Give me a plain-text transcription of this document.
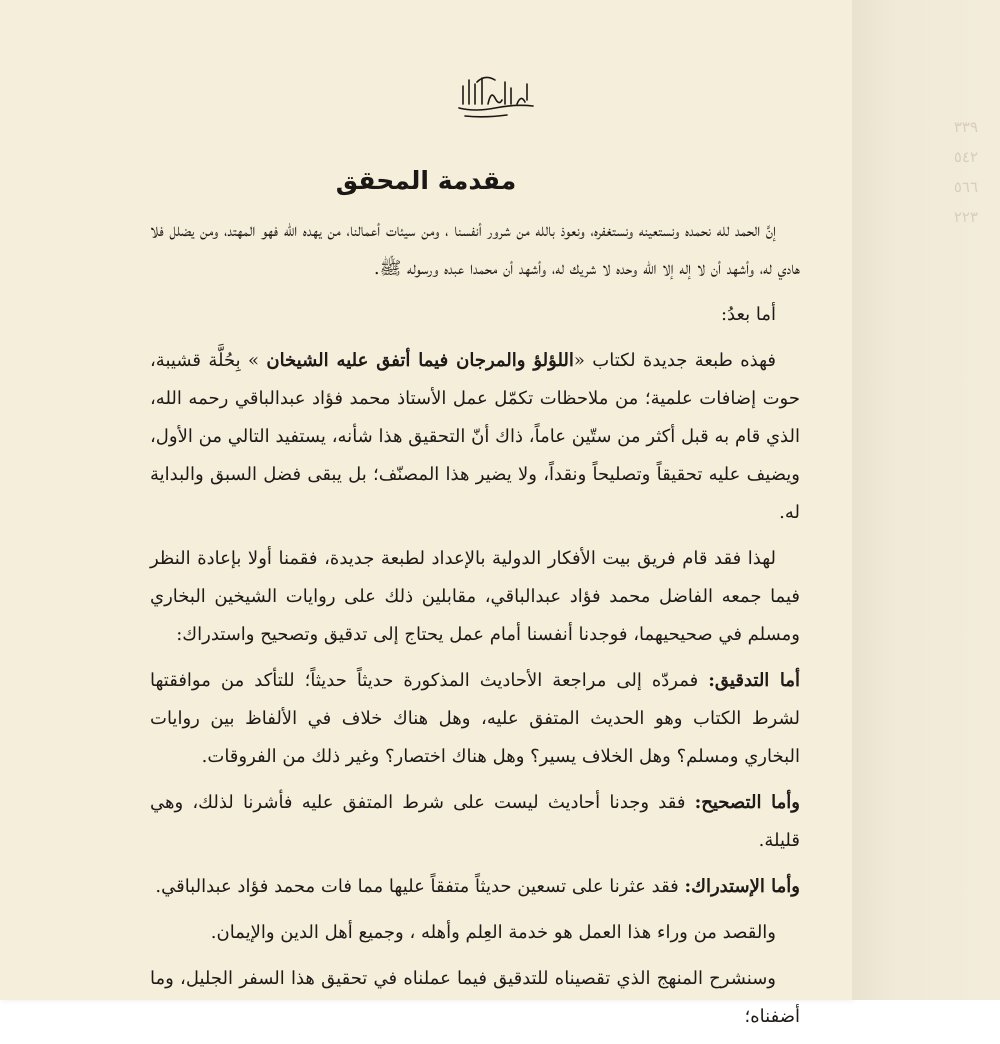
مقدمة المحقق

إنَّ الحمد لله نحمده ونستعينه ونستغفره، ونعوذ بالله من شرور أنفسنا ، ومن سيئات أعمالنا، من يهده الله فهو المهتد، ومن يضلل فلا هادي له، وأشهد أن لا إله إلا الله وحده لا شريك له، وأشهد أن محمدا عبده ورسوله ﷺ.

أما بعدُ:

فهذه طبعة جديدة لكتاب «اللؤلؤ والمرجان فيما أتفق عليه الشيخان » بِحُلَّة قشيبة، حوت إضافات علمية؛ من ملاحظات تكمّل عمل الأستاذ محمد فؤاد عبدالباقي رحمه الله، الذي قام به قبل أكثر من ستّين عاماً، ذاك أنّ التحقيق هذا شأنه، يستفيد التالي من الأول، ويضيف عليه تحقيقاً وتصليحاً ونقداً، ولا يضير هذا المصنّف؛ بل يبقى فضل السبق والبداية له.

لهذا فقد قام فريق بيت الأفكار الدولية بالإعداد لطبعة جديدة، فقمنا أولا بإعادة النظر فيما جمعه الفاضل محمد فؤاد عبدالباقي، مقابلين ذلك على روايات الشيخين البخاري ومسلم في صحيحيهما، فوجدنا أنفسنا أمام عمل يحتاج إلى تدقيق وتصحيح واستدراك:

أما التدقيق: فمردّه إلى مراجعة الأحاديث المذكورة حديثاً حديثاً؛ للتأكد من موافقتها لشرط الكتاب وهو الحديث المتفق عليه، وهل هناك خلاف في الألفاظ بين روايات البخاري ومسلم؟ وهل الخلاف يسير؟ وهل هناك اختصار؟ وغير ذلك من الفروقات.

وأما التصحيح: فقد وجدنا أحاديث ليست على شرط المتفق عليه فأشرنا لذلك، وهي قليلة.

وأما الإستدراك: فقد عثرنا على تسعين حديثاً متفقاً عليها مما فات محمد فؤاد عبدالباقي.

والقصد من وراء هذا العمل هو خدمة العِلم وأهله ، وجميع أهل الدين والإيمان.

وسنشرح المنهج الذي تقصيناه للتدقيق فيما عملناه في تحقيق هذا السفر الجليل، وما أضفناه؛

٣٣٩
٥٤٢
٥٦٦
٢٢٣
